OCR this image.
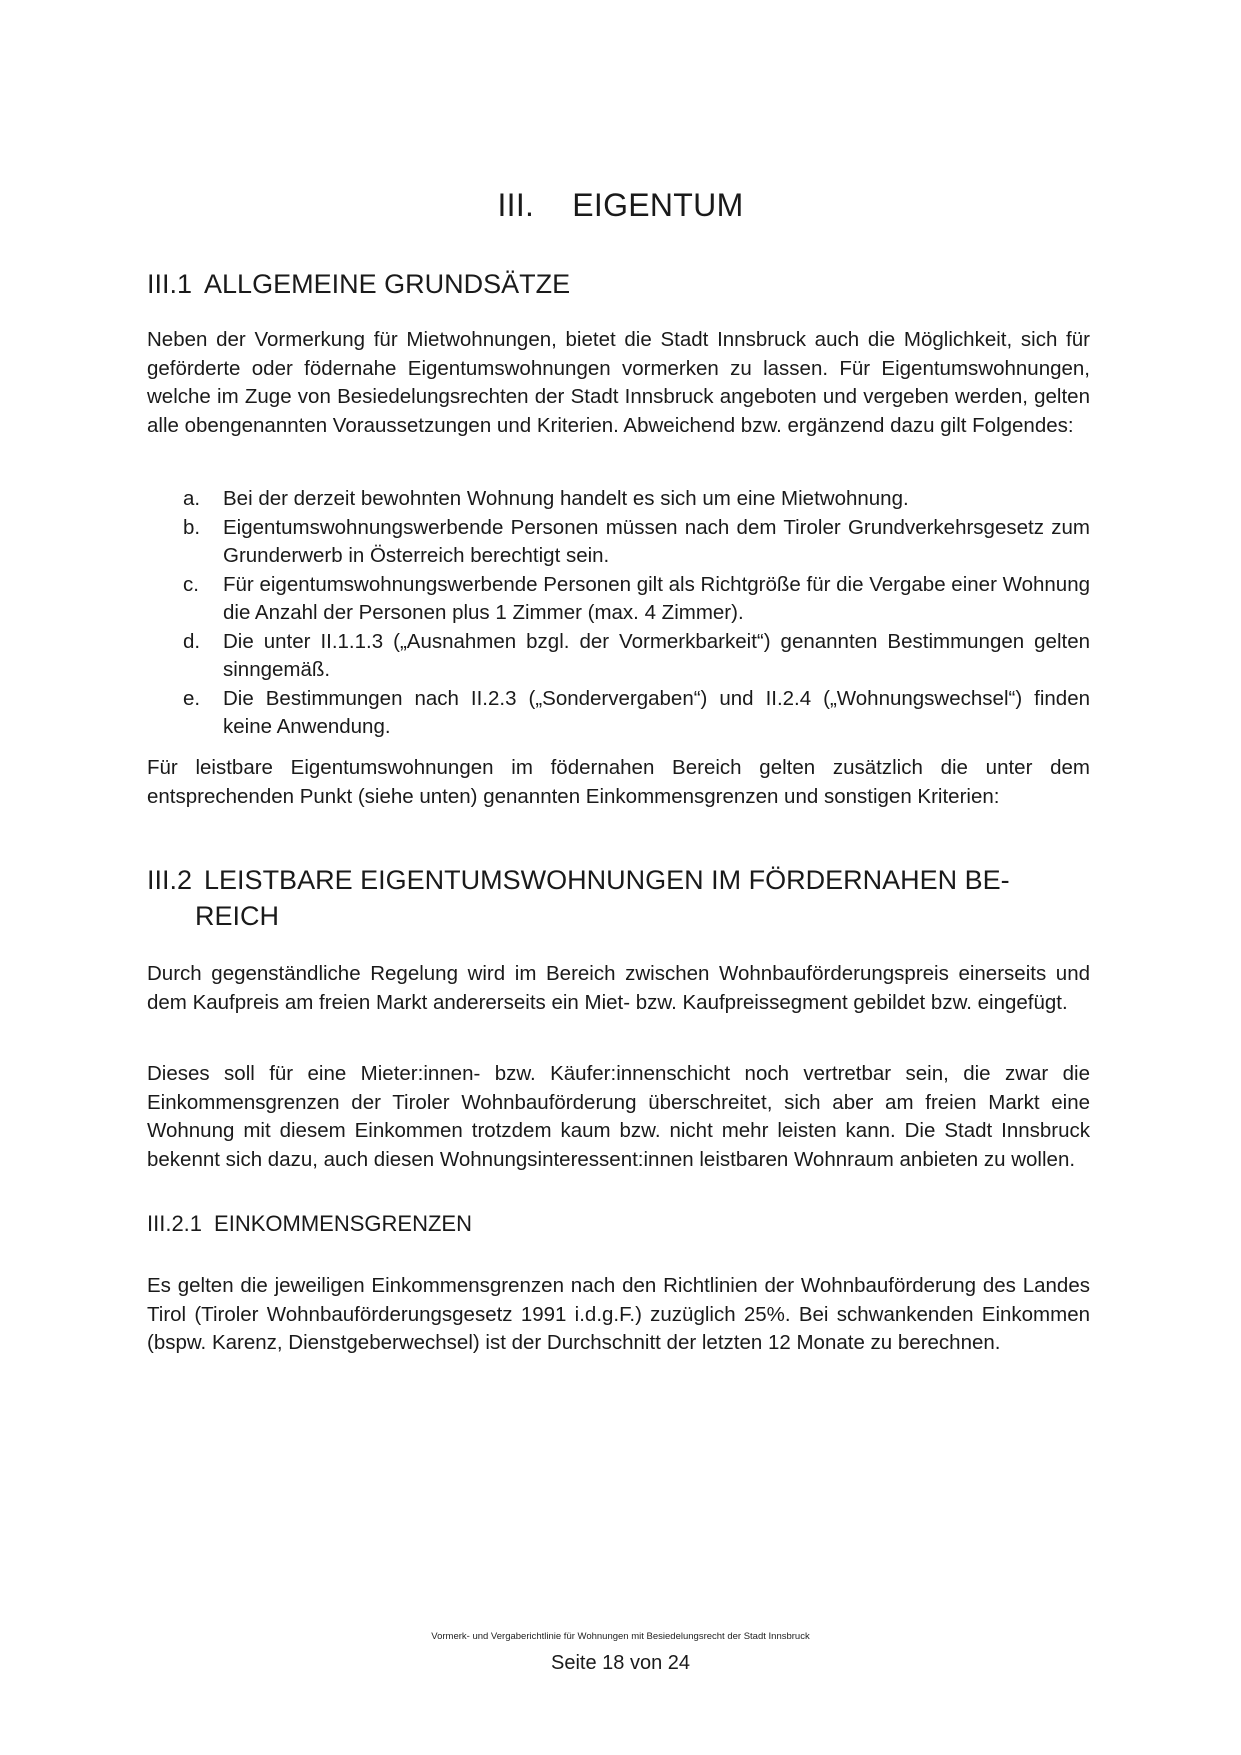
III. EIGENTUM
III.1 ALLGEMEINE GRUNDSÄTZE

Neben der Vormerkung für Mietwohnungen, bietet die Stadt Innsbruck auch die Möglichkeit, sich für geförderte oder födernahe Eigentumswohnungen vormerken zu lassen. Für Eigentumswohnungen, welche im Zuge von Besiedelungsrechten der Stadt Innsbruck angeboten und vergeben werden, gelten alle obengenannten Voraussetzungen und Kriterien. Abweichend bzw. ergänzend dazu gilt Folgendes:

a. Bei der derzeit bewohnten Wohnung handelt es sich um eine Mietwohnung.
b. Eigentumswohnungswerbende Personen müssen nach dem Tiroler Grundverkehrsgesetz zum Grunderwerb in Österreich berechtigt sein.
c. Für eigentumswohnungswerbende Personen gilt als Richtgröße für die Vergabe einer Wohnung die Anzahl der Personen plus 1 Zimmer (max. 4 Zimmer).
d. Die unter II.1.1.3 („Ausnahmen bzgl. der Vormerkbarkeit“) genannten Bestimmungen gelten sinngemäß.
e. Die Bestimmungen nach II.2.3 („Sondervergaben“) und II.2.4 („Wohnungswechsel“) finden keine Anwendung.

Für leistbare Eigentumswohnungen im födernahen Bereich gelten zusätzlich die unter dem entsprechenden Punkt (siehe unten) genannten Einkommensgrenzen und sonstigen Kriterien:

III.2 LEISTBARE EIGENTUMSWOHNUNGEN IM FÖRDERNAHEN BE-
REICH

Durch gegenständliche Regelung wird im Bereich zwischen Wohnbauförderungspreis einerseits und dem Kaufpreis am freien Markt andererseits ein Miet- bzw. Kaufpreissegment gebildet bzw. eingefügt.

Dieses soll für eine Mieter:innen- bzw. Käufer:innenschicht noch vertretbar sein, die zwar die Einkommensgrenzen der Tiroler Wohnbauförderung überschreitet, sich aber am freien Markt eine Wohnung mit diesem Einkommen trotzdem kaum bzw. nicht mehr leisten kann. Die Stadt Innsbruck bekennt sich dazu, auch diesen Wohnungsinteressent:innen leistbaren Wohnraum anbieten zu wollen.

III.2.1 EINKOMMENSGRENZEN

Es gelten die jeweiligen Einkommensgrenzen nach den Richtlinien der Wohnbauförderung des Landes Tirol (Tiroler Wohnbauförderungsgesetz 1991 i.d.g.F.) zuzüglich 25%. Bei schwankenden Einkommen (bspw. Karenz, Dienstgeberwechsel) ist der Durchschnitt der letzten 12 Monate zu berechnen.

Vormerk- und Vergaberichtlinie für Wohnungen mit Besiedelungsrecht der Stadt Innsbruck
Seite 18 von 24
